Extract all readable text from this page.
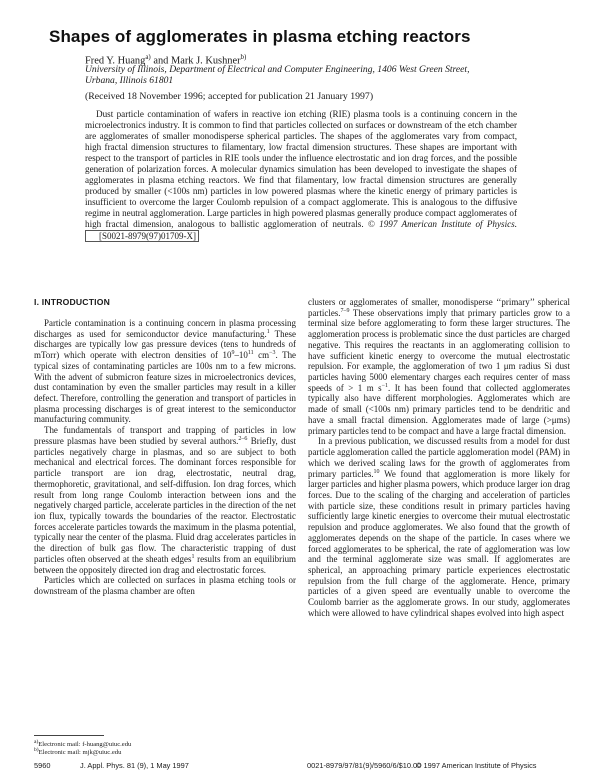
Shapes of agglomerates in plasma etching reactors
Fred Y. Huang$^{a)}$ and Mark J. Kushner$^{b)}$
University of Illinois, Department of Electrical and Computer Engineering, 1406 West Green Street,
Urbana, Illinois 61801
(Received 18 November 1996; accepted for publication 21 January 1997)
Dust particle contamination of wafers in reactive ion etching (RIE) plasma tools is a continuing concern in the microelectronics industry. It is common to find that particles collected on surfaces or downstream of the etch chamber are agglomerates of smaller monodisperse spherical particles. The shapes of the agglomerates vary from compact, high fractal dimension structures to filamentary, low fractal dimension structures. These shapes are important with respect to the transport of particles in RIE tools under the influence electrostatic and ion drag forces, and the possible generation of polarization forces. A molecular dynamics simulation has been developed to investigate the shapes of agglomerates in plasma etching reactors. We find that filamentary, low fractal dimension structures are generally produced by smaller (<100s nm) particles in low powered plasmas where the kinetic energy of primary particles is insufficient to overcome the larger Coulomb repulsion of a compact agglomerate. This is analogous to the diffusive regime in neutral agglomeration. Large particles in high powered plasmas generally produce compact agglomerates of high fractal dimension, analogous to ballistic agglomeration of neutrals. © 1997 American Institute of Physics. [S0021-8979(97)01709-X]
I. INTRODUCTION

Particle contamination is a continuing concern in plasma processing discharges as used for semiconductor device manufacturing.$^1$ These discharges are typically low gas pressure devices (tens to hundreds of mTorr) which operate with electron densities of $10^9-10^{11}$ $cm^{-3}$. The typical sizes of contaminating particles are 100s nm to a few microns. With the advent of submicron feature sizes in microelectronics devices, dust contamination by even the smaller particles may result in a killer defect. Therefore, controlling the generation and transport of particles in plasma processing discharges is of great interest to the semiconductor manufacturing community.

The fundamentals of transport and trapping of particles in low pressure plasmas have been studied by several authors.$^{2-6}$ Briefly, dust particles negatively charge in plasmas, and so are subject to both mechanical and electrical forces. The dominant forces responsible for particle transport are ion drag, electrostatic, neutral drag, thermophoretic, gravitational, and self-diffusion. Ion drag forces, which result from long range Coulomb interaction between ions and the negatively charged particle, accelerate particles in the direction of the net ion flux, typically towards the boundaries of the reactor. Electrostatic forces accelerate particles towards the maximum in the plasma potential, typically near the center of the plasma. Fluid drag accelerates particles in the direction of bulk gas flow. The characteristic trapping of dust particles often observed at the sheath edges$^1$ results from an equilibrium between the oppositely directed ion drag and electrostatic forces.

Particles which are collected on surfaces in plasma etching tools or downstream of the plasma chamber are often

clusters or agglomerates of smaller, monodisperse ‘‘primary’’ spherical particles.$^{7-9}$ These observations imply that primary particles grow to a terminal size before agglomerating to form these larger structures. The agglomeration process is problematic since the dust particles are charged negative. This requires the reactants in an agglomerating collision to have sufficient kinetic energy to overcome the mutual electrostatic repulsion. For example, the agglomeration of two 1 μm radius Si dust particles having 5000 elementary charges each requires center of mass speeds of > 1 m $s^{-1}$. It has been found that collected agglomerates typically also have different morphologies. Agglomerates which are made of small (<100s nm) primary particles tend to be dendritic and have a small fractal dimension. Agglomerates made of large (>μms) primary particles tend to be compact and have a large fractal dimension.

In a previous publication, we discussed results from a model for dust particle agglomeration called the particle agglomeration model (PAM) in which we derived scaling laws for the growth of agglomerates from primary particles.$^{10}$ We found that agglomeration is more likely for larger particles and higher plasma powers, which produce larger ion drag forces. Due to the scaling of the charging and acceleration of particles with particle size, these conditions result in primary particles having sufficiently large kinetic energies to overcome their mutual electrostatic repulsion and produce agglomerates. We also found that the growth of agglomerates depends on the shape of the particle. In cases where we forced agglomerates to be spherical, the rate of agglomeration was low and the terminal agglomerate size was small. If agglomerates are spherical, an approaching primary particle experiences electrostatic repulsion from the full charge of the agglomerate. Hence, primary particles of a given speed are eventually unable to overcome the Coulomb barrier as the agglomerate grows. In our study, agglomerates which were allowed to have cylindrical shapes evolved into high aspect

$^{a)}$Electronic mail: f-huang@uiuc.edu
$^{b)}$Electronic mail: mjk@uiuc.edu
5960	J. Appl. Phys. 81 (9), 1 May 1997	0021-8979/97/81(9)/5960/6/$10.00
© 1997 American Institute of Physics
